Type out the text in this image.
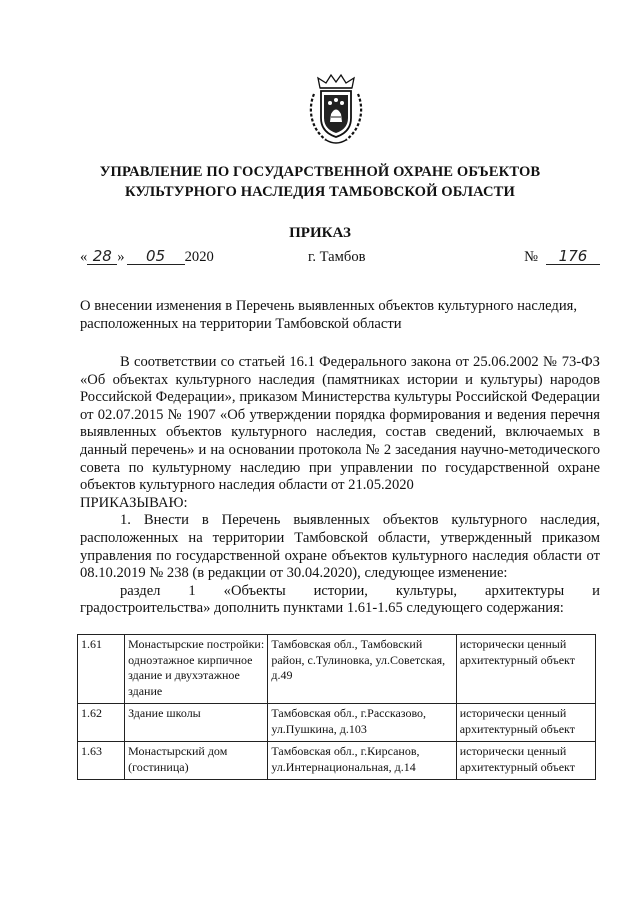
УПРАВЛЕНИЕ ПО ГОСУДАРСТВЕННОЙ ОХРАНЕ ОБЪЕКТОВ
КУЛЬТУРНОГО НАСЛЕДИЯ ТАМБОВСКОЙ ОБЛАСТИ
ПРИКАЗ
« 28 » 05 2020	г. Тамбов	№ 176
О внесении изменения в Перечень выявленных объектов культурного наследия, расположенных на территории Тамбовской области

В соответствии со статьей 16.1 Федерального закона от 25.06.2002 № 73-ФЗ «Об объектах культурного наследия (памятниках истории и культуры) народов Российской Федерации», приказом Министерства культуры Российской Федерации от 02.07.2015 № 1907 «Об утверждении порядка формирования и ведения перечня выявленных объектов культурного наследия, состав сведений, включаемых в данный перечень» и на основании протокола № 2 заседания научно-методического совета по культурному наследию при управлении по государственной охране объектов культурного наследия области от 21.05.2020

ПРИКАЗЫВАЮ:

1. Внести в Перечень выявленных объектов культурного наследия, расположенных на территории Тамбовской области, утвержденный приказом управления по государственной охране объектов культурного наследия области от 08.10.2019 № 238 (в редакции от 30.04.2020), следующее изменение:

раздел 1 «Объекты истории, культуры, архитектуры и

градостроительства» дополнить пунктами 1.61-1.65 следующего содержания:

1.61	Монастырские постройки: одноэтажное кирпичное здание и двухэтажное здание	Тамбовская обл., Тамбовский район, с.Тулиновка, ул.Советская, д.49	исторически ценный архитектурный объект
1.62	Здание школы	Тамбовская обл., г.Рассказово, ул.Пушкина, д.103	исторически ценный архитектурный объект
1.63	Монастырский дом (гостиница)	Тамбовская обл., г.Кирсанов, ул.Интернациональная, д.14	исторически ценный архитектурный объект
